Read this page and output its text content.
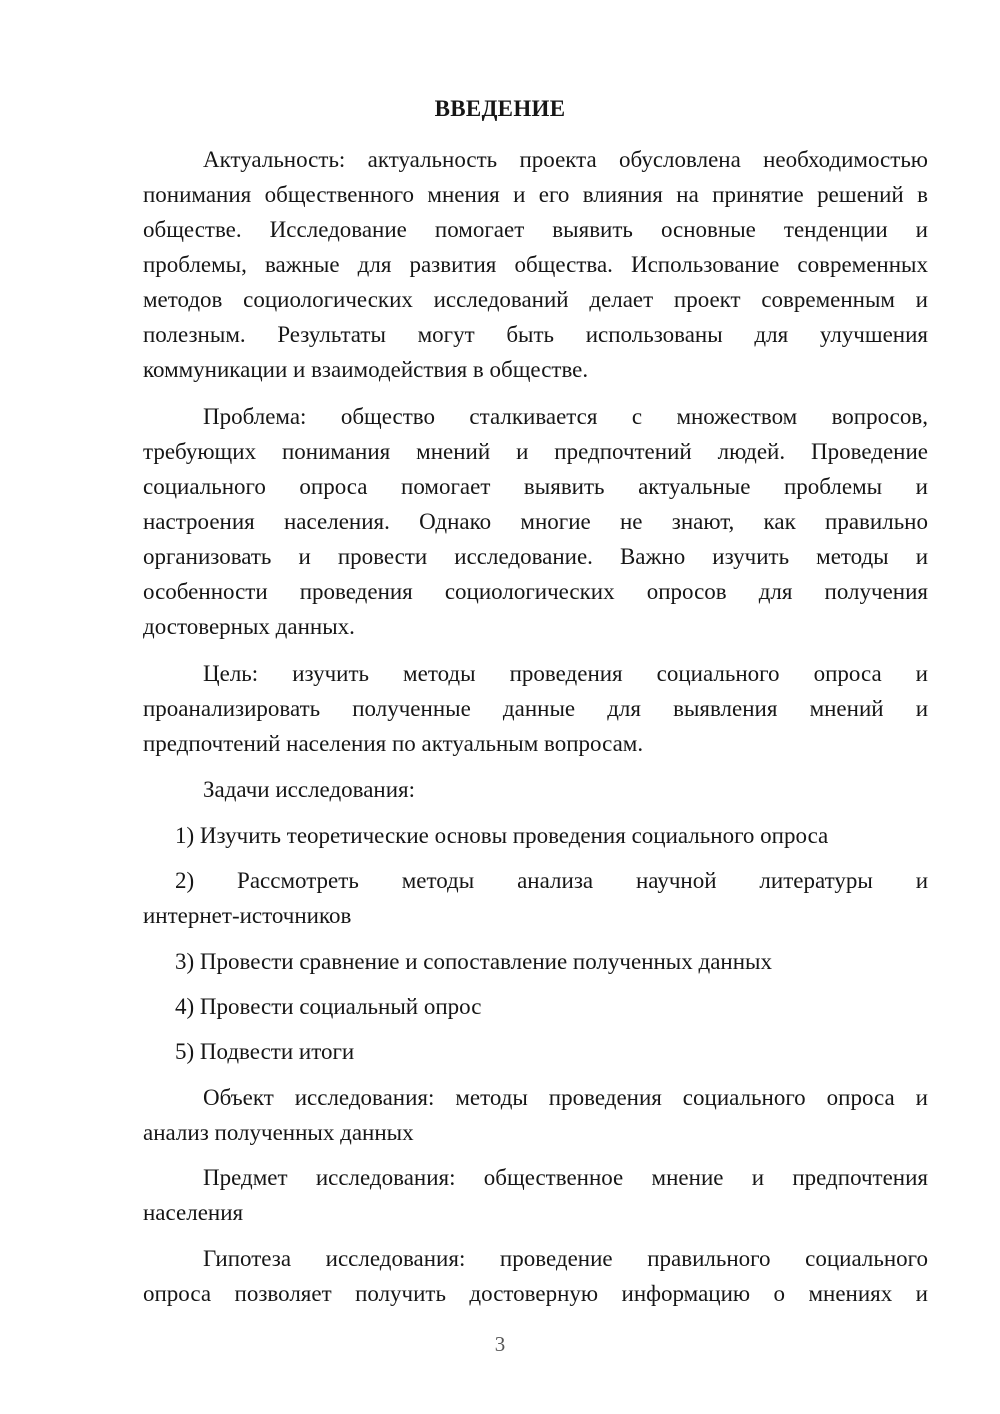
ВВЕДЕНИЕ
Актуальность: актуальность проекта обусловлена необходимостью
понимания общественного мнения и его влияния на принятие решений в
обществе. Исследование помогает выявить основные тенденции и
проблемы, важные для развития общества. Использование современных
методов социологических исследований делает проект современным и
полезным. Результаты могут быть использованы для улучшения
коммуникации и взаимодействия в обществе.
Проблема: общество сталкивается с множеством вопросов,
требующих понимания мнений и предпочтений людей. Проведение
социального опроса помогает выявить актуальные проблемы и
настроения населения. Однако многие не знают, как правильно
организовать и провести исследование. Важно изучить методы и
особенности проведения социологических опросов для получения
достоверных данных.
Цель: изучить методы проведения социального опроса и
проанализировать полученные данные для выявления мнений и
предпочтений населения по актуальным вопросам.
Задачи исследования:
1) Изучить теоретические основы проведения социального опроса
2) Рассмотреть методы анализа научной литературы и
интернет-источников
3) Провести сравнение и сопоставление полученных данных
4) Провести социальный опрос
5) Подвести итоги
Объект исследования: методы проведения социального опроса и
анализ полученных данных
Предмет исследования: общественное мнение и предпочтения
населения
Гипотеза исследования: проведение правильного социального
опроса позволяет получить достоверную информацию о мнениях и
3
